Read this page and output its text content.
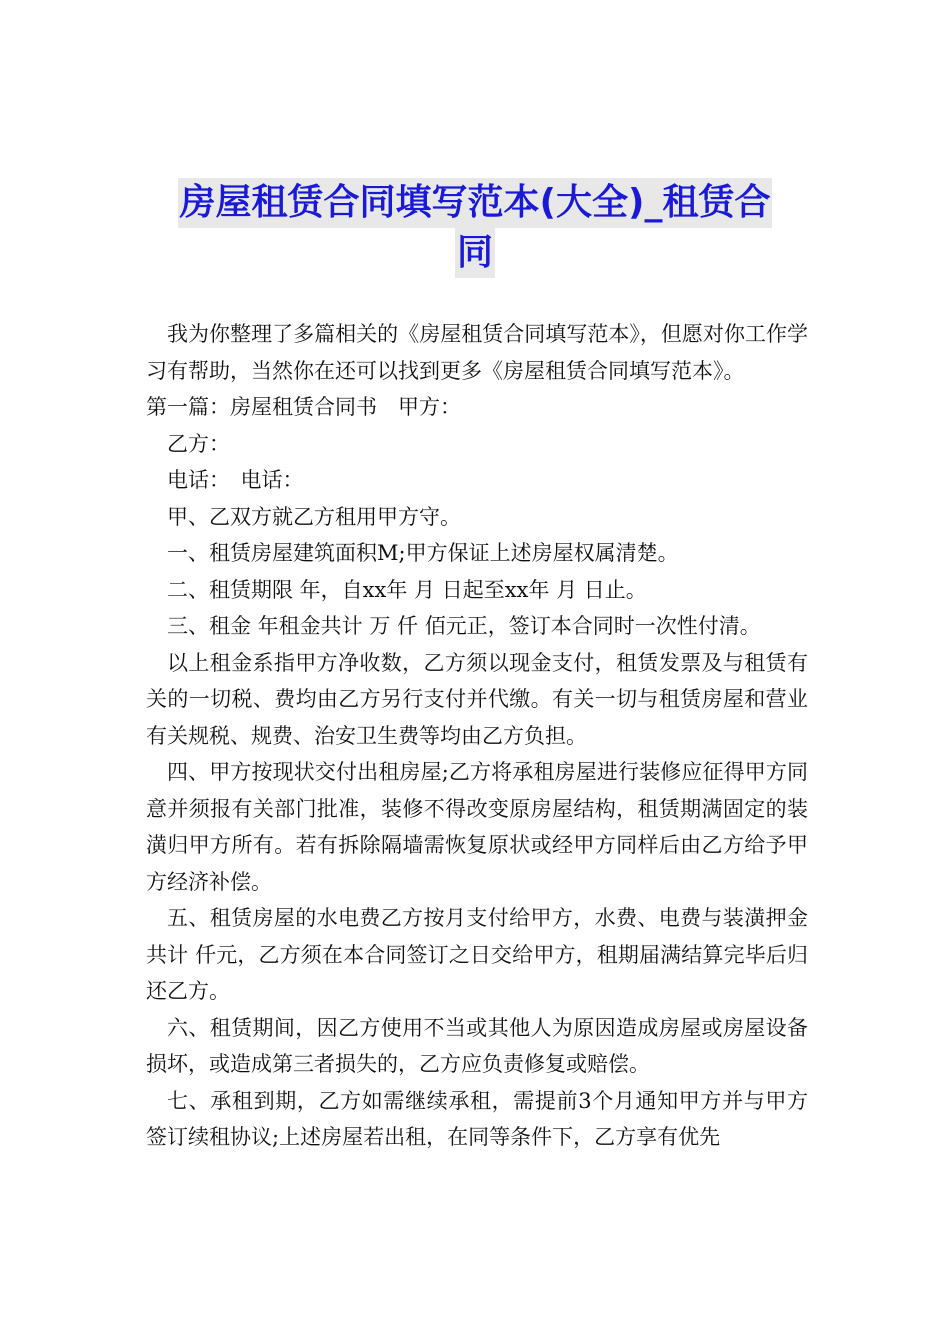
房屋租赁合同填写范本(大全)_租赁合
同

我为你整理了多篇相关的《房屋租赁合同填写范本》，但愿对你工作学习有帮助，当然你在还可以找到更多《房屋租赁合同填写范本》。

第一篇：房屋租赁合同书　甲方：

乙方：

电话： 电话：

甲、乙双方就乙方租用甲方守。

一、租赁房屋建筑面积M;甲方保证上述房屋权属清楚。

二、租赁期限 年，自xx年 月 日起至xx年 月 日止。

三、租金 年租金共计 万 仟 佰元正，签订本合同时一次性付清。

以上租金系指甲方净收数，乙方须以现金支付，租赁发票及与租赁有关的一切税、费均由乙方另行支付并代缴。有关一切与租赁房屋和营业有关规税、规费、治安卫生费等均由乙方负担。

四、甲方按现状交付出租房屋;乙方将承租房屋进行装修应征得甲方同意并须报有关部门批准，装修不得改变原房屋结构，租赁期满固定的装潢归甲方所有。若有拆除隔墙需恢复原状或经甲方同样后由乙方给予甲方经济补偿。

五、租赁房屋的水电费乙方按月支付给甲方，水费、电费与装潢押金共计 仟元，乙方须在本合同签订之日交给甲方，租期届满结算完毕后归还乙方。

六、租赁期间，因乙方使用不当或其他人为原因造成房屋或房屋设备损坏，或造成第三者损失的，乙方应负责修复或赔偿。

七、承租到期，乙方如需继续承租，需提前3个月通知甲方并与甲方签订续租协议;上述房屋若出租，在同等条件下，乙方享有优先
